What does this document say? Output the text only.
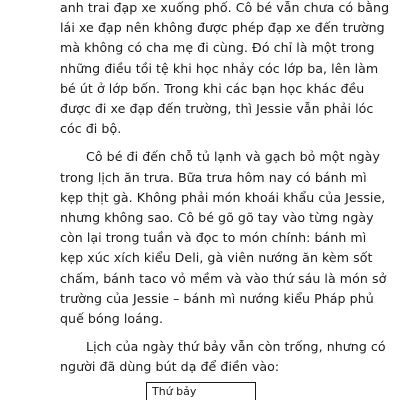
anh trai đạp xe xuống phố. Cô bé vẫn chưa có bằng
lái xe đạp nên không được phép đạp xe đến trường
mà không có cha mẹ đi cùng. Đó chỉ là một trong
những điều tồi tệ khi học nhảy cóc lớp ba, lên làm
bé út ở lớp bốn. Trong khi các bạn học khác đều
được đi xe đạp đến trường, thì Jessie vẫn phải lóc
cóc đi bộ.
Cô bé đi đến chỗ tủ lạnh và gạch bỏ một ngày
trong lịch ăn trưa. Bữa trưa hôm nay có bánh mì
kẹp thịt gà. Không phải món khoái khẩu của Jessie,
nhưng không sao. Cô bé gõ gõ tay vào từng ngày
còn lại trong tuần và đọc to món chính: bánh mì
kẹp xúc xích kiểu Deli, gà viên nướng ăn kèm sốt
chấm, bánh taco vỏ mềm và vào thứ sáu là món sở
trường của Jessie – bánh mì nướng kiểu Pháp phủ
quế bóng loáng.
Lịch của ngày thứ bảy vẫn còn trống, nhưng có
người đã dùng bút dạ để điền vào:
Thứ bảy
